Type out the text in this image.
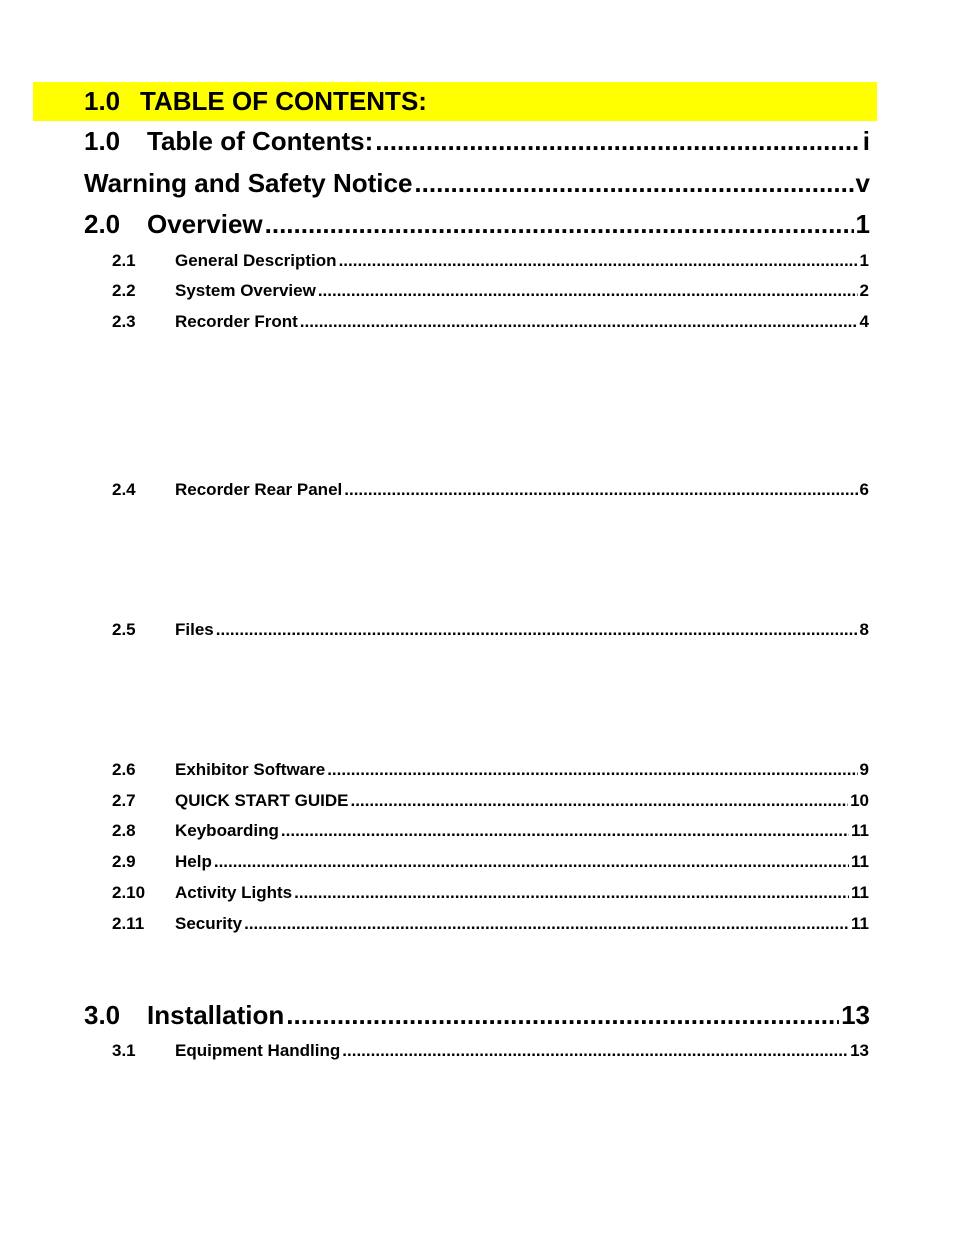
1.0 TABLE OF CONTENTS:
1.0	Table of Contents: .....	i
Warning and Safety Notice .....	v
2.0	Overview .....	1
2.1	General Description .....	1
2.2	System Overview .....	2
2.3	Recorder Front .....	4
2.4	Recorder Rear Panel .....	6
2.5	Files .....	8
2.6	Exhibitor Software .....	9
2.7	QUICK START GUIDE .....	10
2.8	Keyboarding .....	11
2.9	Help .....	11
2.10	Activity Lights .....	11
2.11	Security .....	11
3.0	Installation .....	13
3.1	Equipment Handling .....	13
